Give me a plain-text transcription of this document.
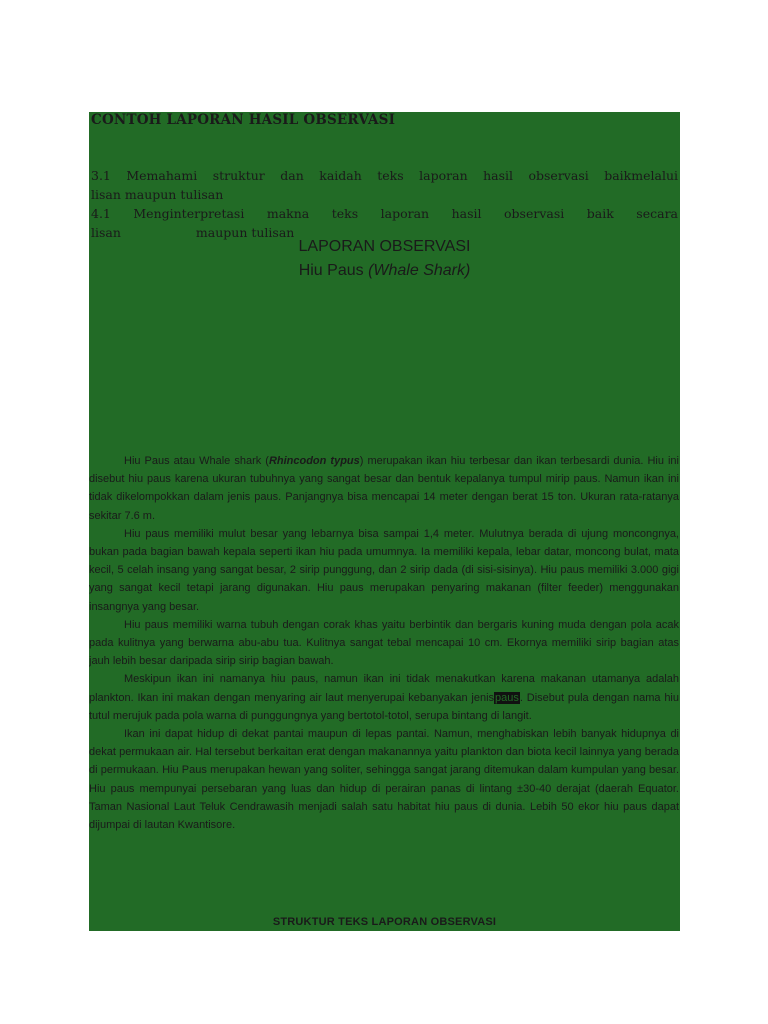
CONTOH LAPORAN HASIL OBSERVASI
3.1 Memahami struktur dan kaidah teks laporan hasil observasi baikmelalui
lisan maupun tulisan
4.1 Menginterpretasi makna teks laporan hasil observasi baik secara
lisan	maupun tulisan
LAPORAN OBSERVASI
Hiu Paus (Whale Shark)

Hiu Paus atau Whale shark (Rhincodon typus) merupakan ikan hiu terbesar dan ikan terbesardi dunia. Hiu ini disebut hiu paus karena ukuran tubuhnya yang sangat besar dan bentuk kepalanya tumpul mirip paus. Namun ikan ini tidak dikelompokkan dalam jenis paus. Panjangnya bisa mencapai 14 meter dengan berat 15 ton. Ukuran rata-ratanya sekitar 7.6 m.

Hiu paus memiliki mulut besar yang lebarnya bisa sampai 1,4 meter. Mulutnya berada di ujung moncongnya, bukan pada bagian bawah kepala seperti ikan hiu pada umumnya. Ia memiliki kepala, lebar datar, moncong bulat, mata kecil, 5 celah insang yang sangat besar, 2 sirip punggung, dan 2 sirip dada (di sisi-sisinya). Hiu paus memiliki 3.000 gigi yang sangat kecil tetapi jarang digunakan. Hiu paus merupakan penyaring makanan (filter feeder) menggunakan insangnya yang besar.

Hiu paus memiliki warna tubuh dengan corak khas yaitu berbintik dan bergaris kuning muda dengan pola acak pada kulitnya yang berwarna abu-abu tua. Kulitnya sangat tebal mencapai 10 cm. Ekornya memiliki sirip bagian atas jauh lebih besar daripada sirip sirip bagian bawah.

Meskipun ikan ini namanya hiu paus, namun ikan ini tidak menakutkan karena makanan utamanya adalah plankton. Ikan ini makan dengan menyaring air laut menyerupai kebanyakan jenispaus. Disebut pula dengan nama hiu tutul merujuk pada pola warna di punggungnya yang bertotol-totol, serupa bintang di langit.

Ikan ini dapat hidup di dekat pantai maupun di lepas pantai. Namun, menghabiskan lebih banyak hidupnya di dekat permukaan air. Hal tersebut berkaitan erat dengan makanannya yaitu plankton dan biota kecil lainnya yang berada di permukaan. Hiu Paus merupakan hewan yang soliter, sehingga sangat jarang ditemukan dalam kumpulan yang besar. Hiu paus mempunyai persebaran yang luas dan hidup di perairan panas di lintang ±30-40 derajat (daerah Equator. Taman Nasional Laut Teluk Cendrawasih menjadi salah satu habitat hiu paus di dunia. Lebih 50 ekor hiu paus dapat dijumpai di lautan Kwantisore.

STRUKTUR TEKS LAPORAN OBSERVASI
